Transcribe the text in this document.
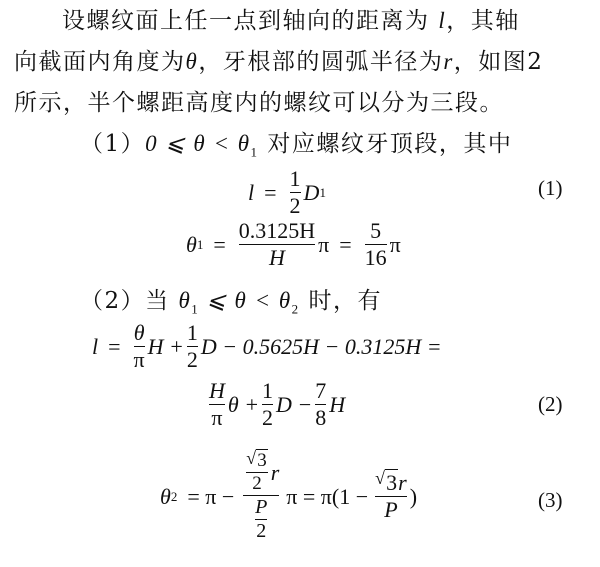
设螺纹面上任一点到轴向的距离为 l，其轴
向截面内角度为θ，牙根部的圆弧半径为r，如图2
所示，半个螺距高度内的螺纹可以分为三段。
（1）0 ⩽ $\theta < \theta_1$ 对应螺纹牙顶段，其中
$l = \frac{1}{2}$ D 1	(1)
θ $1 = \frac{0.3125H}{H}$ $\pi = \frac{5}{16}$ π
（2）当 $\theta_1$ ⩽ $\theta < \theta_2$ 时，有
$l = \frac{\theta}{\pi}$ $H + \frac{1}{2}$ D − 0.5625H − 0.3125H =
$\frac{H}{\pi}$ $\theta + \frac{1}{2}$ $D - \frac{7}{8}$ H	(2)
θ $2 = \pi - \frac{\frac{√ 3}{2} r}{\frac{P}{2}}$ $\pi = \pi(1 - \frac{√ 3r}{P}$ )	(3)
